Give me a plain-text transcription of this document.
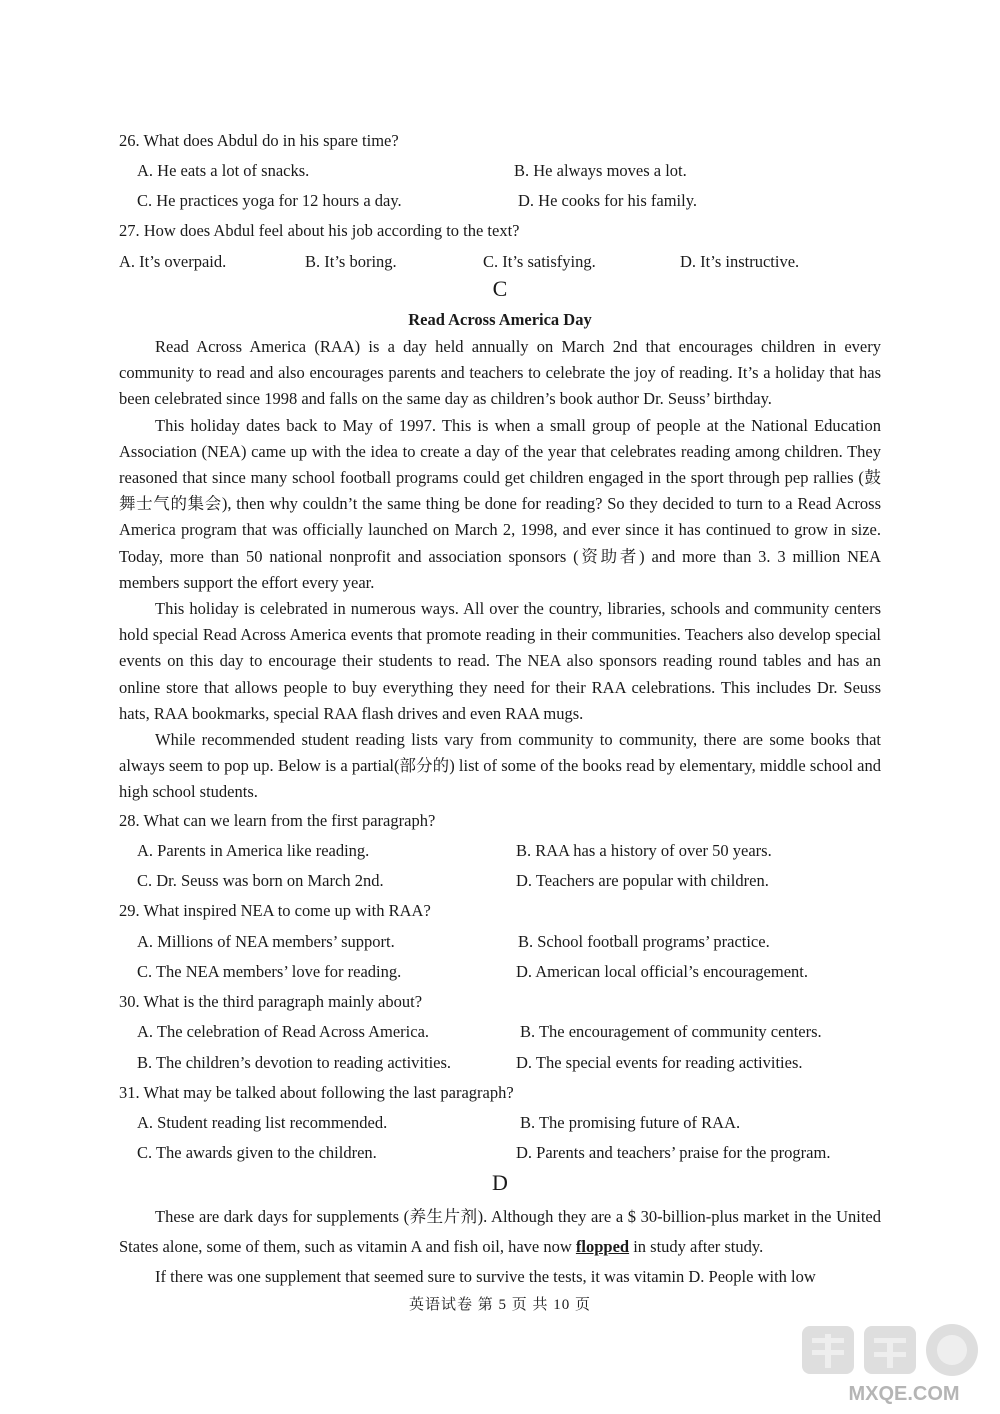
26. What does Abdul do in his spare time?
A. He eats a lot of snacks.	B. He always moves a lot.
C. He practices yoga for 12 hours a day.	D. He cooks for his family.
27. How does Abdul feel about his job according to the text?
A. It’s overpaid.	B. It’s boring.	C. It’s satisfying.	D. It’s instructive.
C
Read Across America Day

Read Across America (RAA) is a day held annually on March 2nd that encourages children in every community to read and also encourages parents and teachers to celebrate the joy of reading. It’s a holiday that has been celebrated since 1998 and falls on the same day as children’s book author Dr. Seuss’ birthday.

This holiday dates back to May of 1997. This is when a small group of people at the National Education Association (NEA) came up with the idea to create a day of the year that celebrates reading among children. They reasoned that since many school football programs could get children engaged in the sport through pep rallies (鼓舞士气的集会), then why couldn’t the same thing be done for reading? So they decided to turn to a Read Across America program that was officially launched on March 2, 1998, and ever since it has continued to grow in size. Today, more than 50 national nonprofit and association sponsors (资助者) and more than 3. 3 million NEA members support the effort every year.

This holiday is celebrated in numerous ways. All over the country, libraries, schools and community centers hold special Read Across America events that promote reading in their communities. Teachers also develop special events on this day to encourage their students to read. The NEA also sponsors reading round tables and has an online store that allows people to buy everything they need for their RAA celebrations. This includes Dr. Seuss hats, RAA bookmarks, special RAA flash drives and even RAA mugs.

While recommended student reading lists vary from community to community, there are some books that always seem to pop up. Below is a partial(部分的) list of some of the books read by elementary, middle school and high school students.

28. What can we learn from the first paragraph?
A. Parents in America like reading.	B. RAA has a history of over 50 years.
C. Dr. Seuss was born on March 2nd.	D. Teachers are popular with children.
29. What inspired NEA to come up with RAA?
A. Millions of NEA members’ support.	B. School football programs’ practice.
C. The NEA members’ love for reading.	D. American local official’s encouragement.
30. What is the third paragraph mainly about?
A. The celebration of Read Across America.	B. The encouragement of community centers.
B. The children’s devotion to reading activities.	D. The special events for reading activities.
31. What may be talked about following the last paragraph?
A. Student reading list recommended.	B. The promising future of RAA.
C. The awards given to the children.	D. Parents and teachers’ praise for the program.
D

These are dark days for supplements (养生片剂). Although they are a $ 30-billion-plus market in the United States alone, some of them, such as vitamin A and fish oil, have now flopped in study after study.

If there was one supplement that seemed sure to survive the tests, it was vitamin D. People with low

英语试卷 第 5 页 共 10 页
MXQE.COM
